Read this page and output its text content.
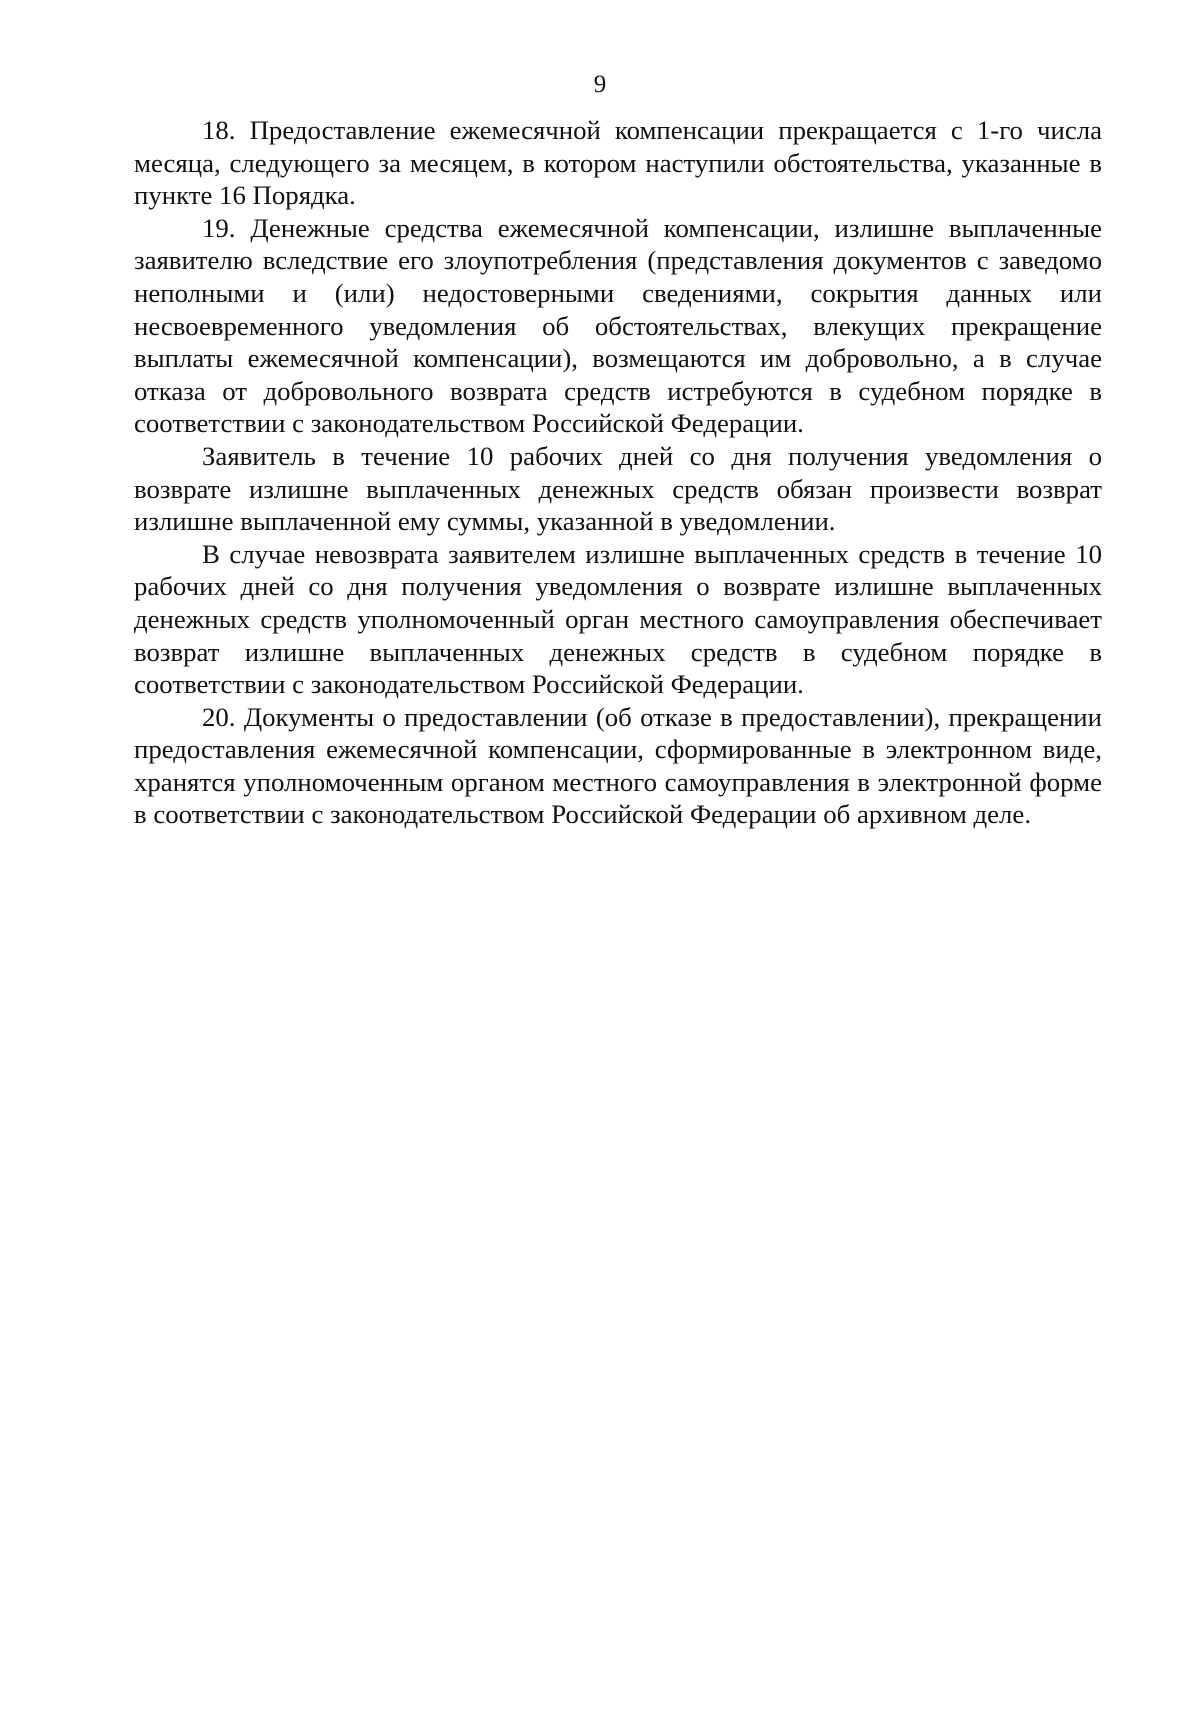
9

18. Предоставление ежемесячной компенсации прекращается с 1-го числа месяца, следующего за месяцем, в котором наступили обстоятельства, указанные в пункте 16 Порядка.

19. Денежные средства ежемесячной компенсации, излишне выплаченные заявителю вследствие его злоупотребления (представления документов с заведомо неполными и (или) недостоверными сведениями, сокрытия данных или несвоевременного уведомления об обстоятельствах, влекущих прекращение выплаты ежемесячной компенсации), возмещаются им добровольно, а в случае отказа от добровольного возврата средств истребуются в судебном порядке в соответствии с законодательством Российской Федерации.

Заявитель в течение 10 рабочих дней со дня получения уведомления о возврате излишне выплаченных денежных средств обязан произвести возврат излишне выплаченной ему суммы, указанной в уведомлении.

В случае невозврата заявителем излишне выплаченных средств в течение 10 рабочих дней со дня получения уведомления о возврате излишне выплаченных денежных средств уполномоченный орган местного самоуправления обеспечивает возврат излишне выплаченных денежных средств в судебном порядке в соответствии с законодательством Российской Федерации.

20. Документы о предоставлении (об отказе в предоставлении), прекращении предоставления ежемесячной компенсации, сформированные в электронном виде, хранятся уполномоченным органом местного самоуправления в электронной форме в соответствии с законодательством Российской Федерации об архивном деле.
